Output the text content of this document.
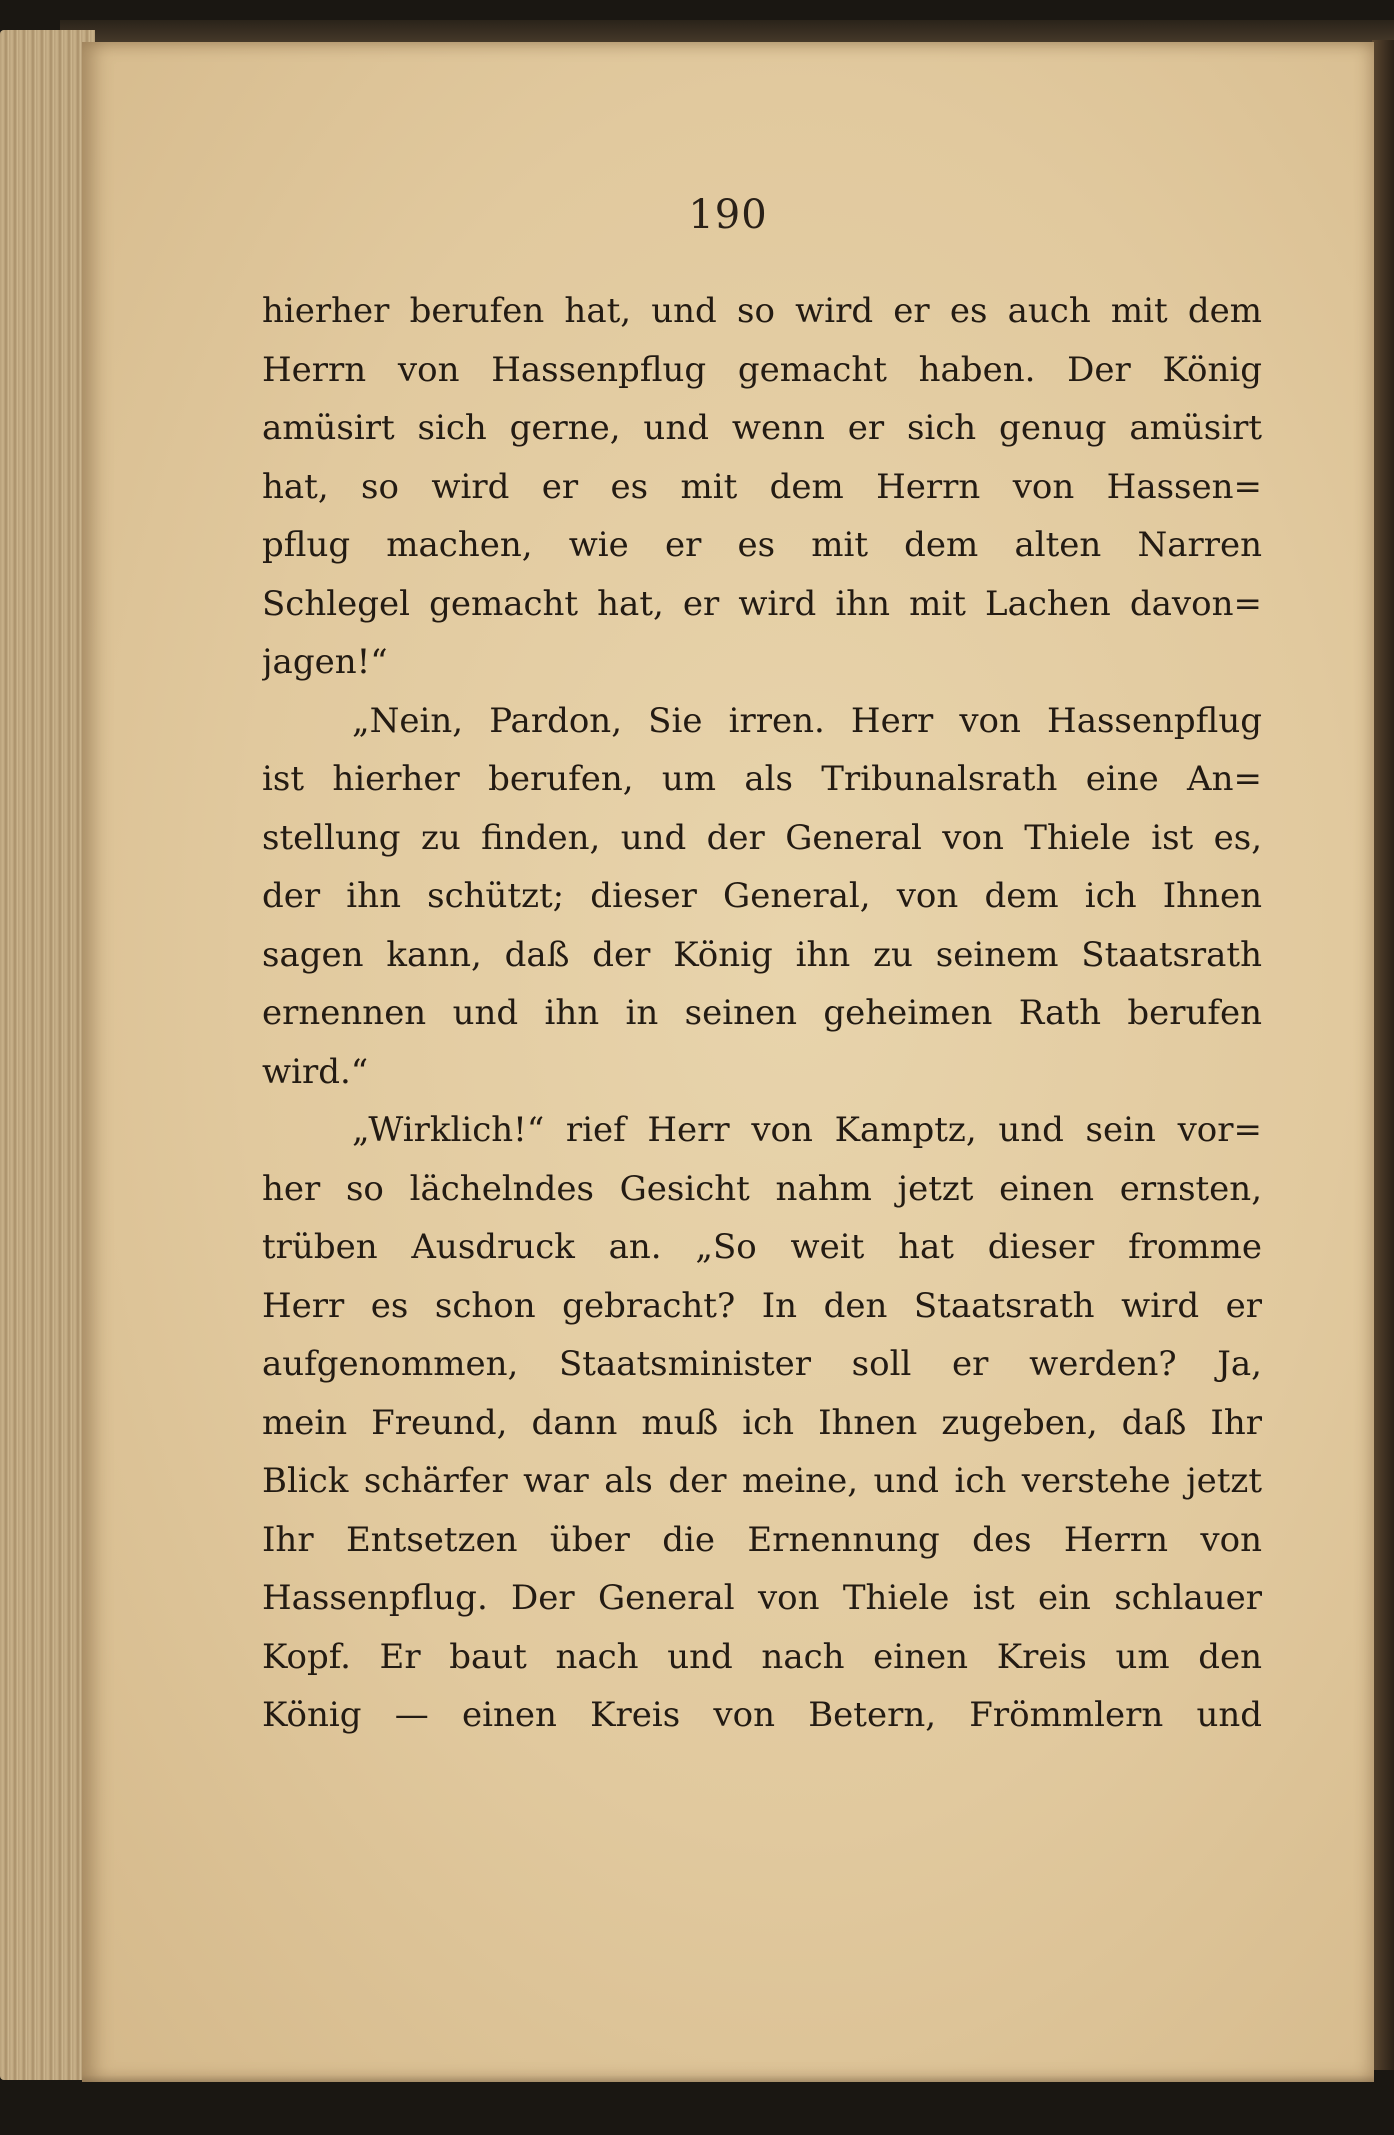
190
hierher berufen hat, und so wird er es auch mit dem
Herrn von Hassenpflug gemacht haben. Der König
amüsirt sich gerne, und wenn er sich genug amüsirt
hat, so wird er es mit dem Herrn von Hassen=
pflug machen, wie er es mit dem alten Narren
Schlegel gemacht hat, er wird ihn mit Lachen davon=
jagen!“
„Nein, Pardon, Sie irren. Herr von Hassenpflug
ist hierher berufen, um als Tribunalsrath eine An=
stellung zu finden, und der General von Thiele ist es,
der ihn schützt; dieser General, von dem ich Ihnen
sagen kann, daß der König ihn zu seinem Staatsrath
ernennen und ihn in seinen geheimen Rath berufen
wird.“
„Wirklich!“ rief Herr von Kamptz, und sein vor=
her so lächelndes Gesicht nahm jetzt einen ernsten,
trüben Ausdruck an. „So weit hat dieser fromme
Herr es schon gebracht? In den Staatsrath wird er
aufgenommen, Staatsminister soll er werden? Ja,
mein Freund, dann muß ich Ihnen zugeben, daß Ihr
Blick schärfer war als der meine, und ich verstehe jetzt
Ihr Entsetzen über die Ernennung des Herrn von
Hassenpflug. Der General von Thiele ist ein schlauer
Kopf. Er baut nach und nach einen Kreis um den
König — einen Kreis von Betern, Frömmlern und
